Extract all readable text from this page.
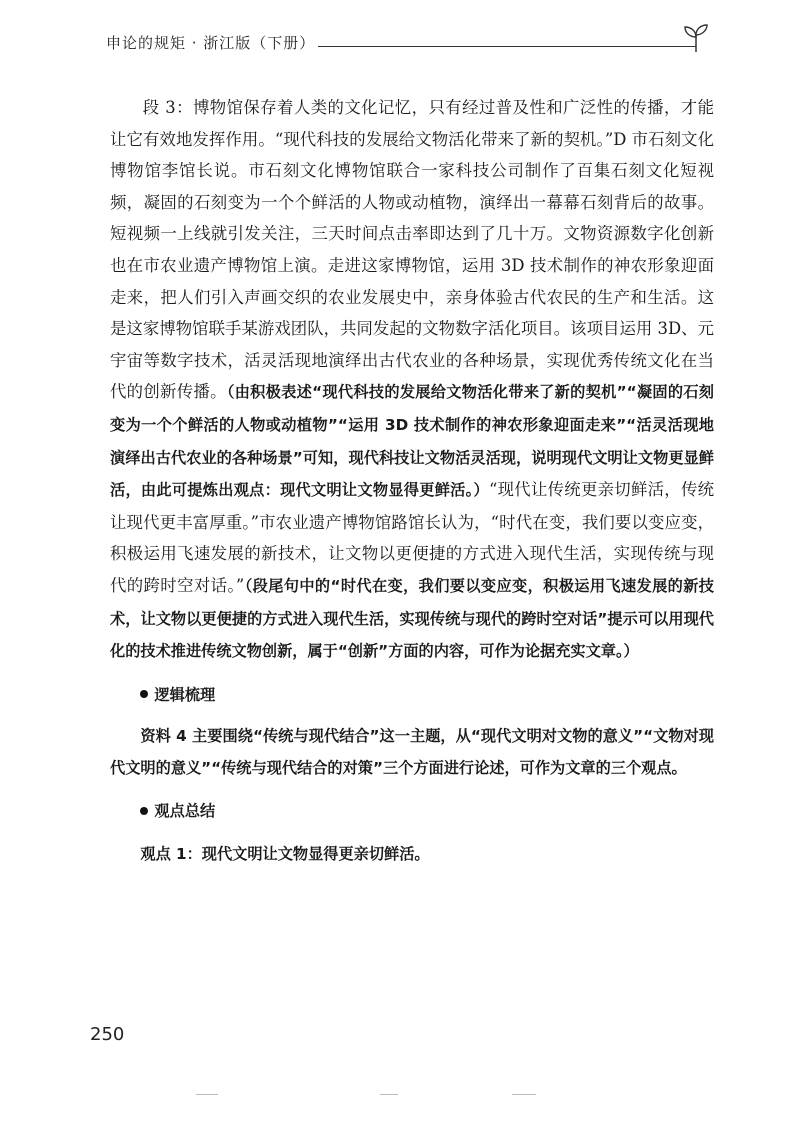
申论的规矩 · 浙江版（下册）

段 3：博物馆保存着人类的文化记忆，只有经过普及性和广泛性的传播，才能让它有效地发挥作用。“现代科技的发展给文物活化带来了新的契机。”D 市石刻文化博物馆李馆长说。市石刻文化博物馆联合一家科技公司制作了百集石刻文化短视频，凝固的石刻变为一个个鲜活的人物或动植物，演绎出一幕幕石刻背后的故事。短视频一上线就引发关注，三天时间点击率即达到了几十万。文物资源数字化创新也在市农业遗产博物馆上演。走进这家博物馆，运用 3D 技术制作的神农形象迎面走来，把人们引入声画交织的农业发展史中，亲身体验古代农民的生产和生活。这是这家博物馆联手某游戏团队，共同发起的文物数字活化项目。该项目运用 3D、元宇宙等数字技术，活灵活现地演绎出古代农业的各种场景，实现优秀传统文化在当代的创新传播。（由积极表述“现代科技的发展给文物活化带来了新的契机”“凝固的石刻变为一个个鲜活的人物或动植物”“运用 3D 技术制作的神农形象迎面走来”“活灵活现地演绎出古代农业的各种场景”可知，现代科技让文物活灵活现，说明现代文明让文物更显鲜活，由此可提炼出观点：现代文明让文物显得更鲜活。）“现代让传统更亲切鲜活，传统让现代更丰富厚重。”市农业遗产博物馆路馆长认为，“时代在变，我们要以变应变，积极运用飞速发展的新技术，让文物以更便捷的方式进入现代生活，实现传统与现代的跨时空对话。”（段尾句中的“时代在变，我们要以变应变，积极运用飞速发展的新技术，让文物以更便捷的方式进入现代生活，实现传统与现代的跨时空对话”提示可以用现代化的技术推进传统文物创新，属于“创新”方面的内容，可作为论据充实文章。）

逻辑梳理

资料 4 主要围绕“传统与现代结合”这一主题，从“现代文明对文物的意义”“文物对现代文明的意义”“传统与现代结合的对策”三个方面进行论述，可作为文章的三个观点。

观点总结

观点 1：现代文明让文物显得更亲切鲜活。

250
